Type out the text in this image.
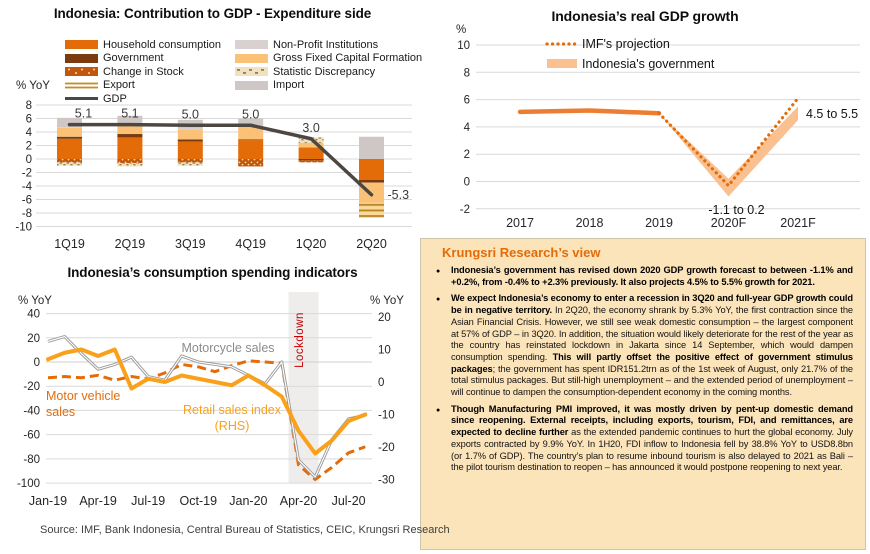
Indonesia: Contribution to GDP - Expenditure side
Household consumption
Government
Change in Stock
Export
GDP
Non-Profit Institutions
Gross Fixed Capital Formation
Statistic Discrepancy
Import
% YoY
8
6
4
2
0
-2
-4
-6
-8
-10
1Q19 2Q19 3Q19 4Q19 1Q20 2Q20
5.1 5.1	5.0	5.0
3.0
-5.3
Indonesia’s real GDP growth
%
10
8
6
4
2
0
-2
2017	2018	2019	2020F	2021F
IMF's projection
Indonesia's government
-1.1 to 0.2
4.5 to 5.5
Indonesia’s consumption spending indicators
% YoY	% YoY
40
20
0
-20
-40
-60
-80
-100
20
10
0
-10
-20
-30
Lockdown
Motorcycle sales
Motor vehicle
sales	Retail sales index
(RHS)
Jan-19 Apr-19 Jul-19 Oct-19 Jan-20 Apr-20 Jul-20
Krungsri Research’s view
●	Indonesia’s government has revised down 2020 GDP growth forecast to between -1.1% and +0.2%, from -0.4% to +2.3% previously. It also projects 4.5% to 5.5% growth for 2021.

●	We expect Indonesia’s economy to enter a recession in 3Q20 and full-year GDP growth could be in negative territory. In 2Q20, the economy shrank by 5.3% YoY, the first contraction since the Asian Financial Crisis. However, we still see weak domestic consumption – the largest component at 57% of GDP – in 3Q20. In addition, the situation would likely deteriorate for the rest of the year as the country has reinstated lockdown in Jakarta since 14 September, which would dampen consumption spending. This will partly offset the positive effect of government stimulus packages; the government has spent IDR151.2trn as of the 1st week of August, only 21.7% of the total stimulus packages. But still-high unemployment – and the extended period of unemployment – will continue to dampen the consumption-dependent economy in the coming months.

●	Though Manufacturing PMI improved, it was mostly driven by pent-up domestic demand since reopening. External receipts, including exports, tourism, FDI, and remittances, are expected to decline further as the extended pandemic continues to hurt the global economy. July exports contracted by 9.9% YoY. In 1H20, FDI inflow to Indonesia fell by 38.8% YoY to USD8.8bn (or 1.7% of GDP). The country’s plan to resume inbound tourism is also delayed to 2021 as Bali – the pilot tourism destination to reopen – has announced it would postpone reopening to next year.

Source: IMF, Bank Indonesia, Central Bureau of Statistics, CEIC, Krungsri Research
